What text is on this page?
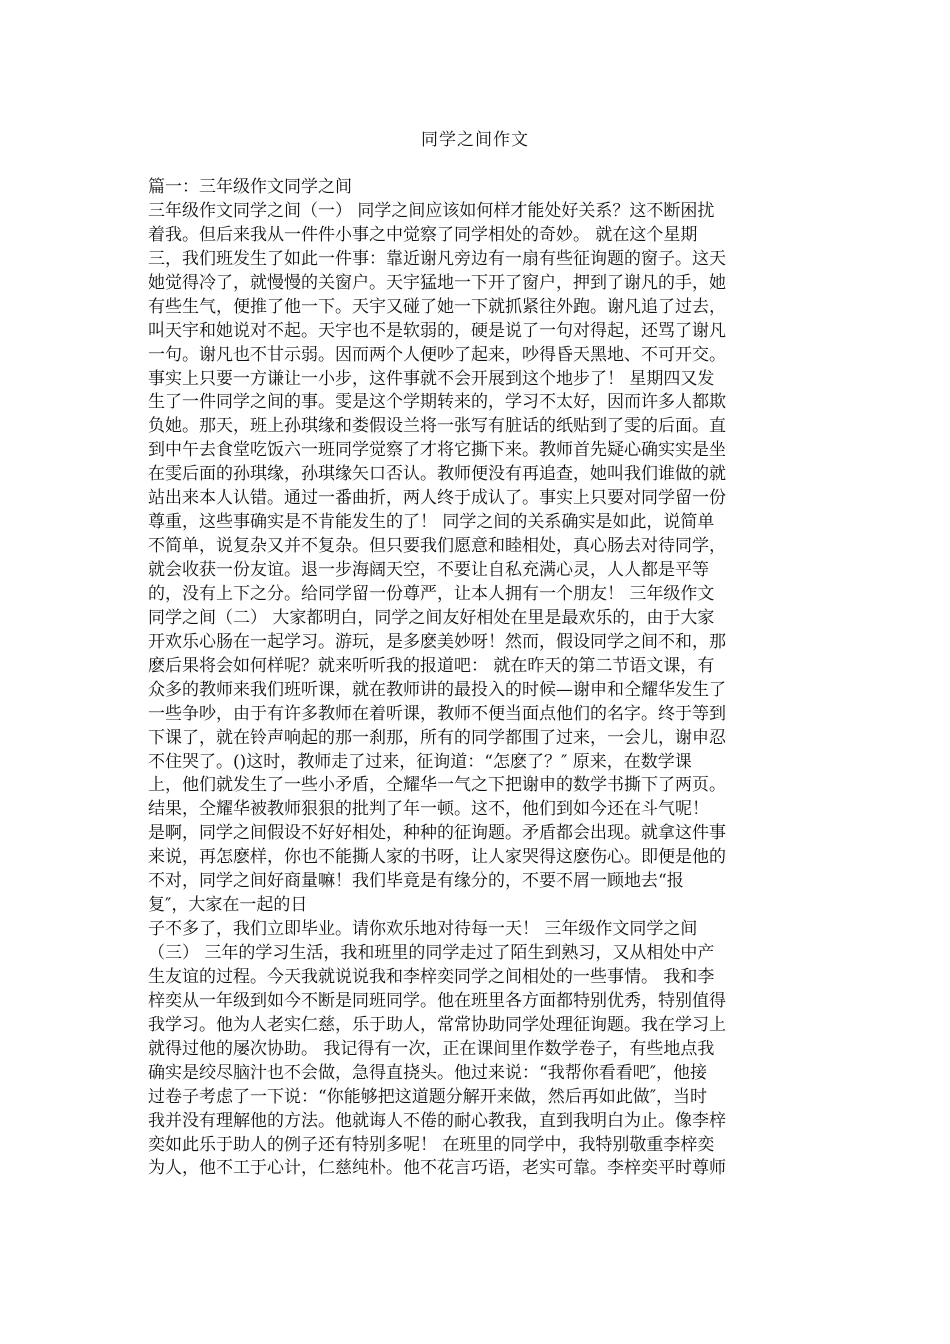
同学之间作文
篇一：三年级作文同学之间
三年级作文同学之间（一） 同学之间应该如何样才能处好关系？这不断困扰
着我。但后来我从一件件小事之中觉察了同学相处的奇妙。 就在这个星期
三，我们班发生了如此一件事：靠近谢凡旁边有一扇有些征询题的窗子。这天
她觉得冷了，就慢慢的关窗户。天宇猛地一下开了窗户，押到了谢凡的手，她
有些生气，便推了他一下。天宇又碰了她一下就抓紧往外跑。谢凡追了过去，
叫天宇和她说对不起。天宇也不是软弱的，硬是说了一句对得起，还骂了谢凡
一句。谢凡也不甘示弱。因而两个人便吵了起来，吵得昏天黑地、不可开交。
事实上只要一方谦让一小步，这件事就不会开展到这个地步了！ 星期四又发
生了一件同学之间的事。雯是这个学期转来的，学习不太好，因而许多人都欺
负她。那天，班上孙琪缘和娄假设兰将一张写有脏话的纸贴到了雯的后面。直
到中午去食堂吃饭六一班同学觉察了才将它撕下来。教师首先疑心确实实是坐
在雯后面的孙琪缘，孙琪缘矢口否认。教师便没有再追查，她叫我们谁做的就
站出来本人认错。通过一番曲折，两人终于成认了。事实上只要对同学留一份
尊重，这些事确实是不肯能发生的了！ 同学之间的关系确实是如此，说简单
不简单，说复杂又并不复杂。但只要我们愿意和睦相处，真心肠去对待同学，
就会收获一份友谊。退一步海阔天空，不要让自私充满心灵，人人都是平等
的，没有上下之分。给同学留一份尊严，让本人拥有一个朋友！ 三年级作文
同学之间（二） 大家都明白，同学之间友好相处在里是最欢乐的，由于大家
开欢乐心肠在一起学习。游玩，是多麽美妙呀！然而，假设同学之间不和，那
麽后果将会如何样呢？就来听听我的报道吧： 就在昨天的第二节语文课，有
众多的教师来我们班听课，就在教师讲的最投入的时候—谢申和仝耀华发生了
一些争吵，由于有许多教师在着听课，教师不便当面点他们的名字。终于等到
下课了，就在铃声响起的那一刹那，所有的同学都围了过来，一会儿，谢申忍
不住哭了。()这时，教师走了过来，征询道：“怎麽了？″ 原来，在数学课
上，他们就发生了一些小矛盾，仝耀华一气之下把谢申的数学书撕下了两页。
结果，仝耀华被教师狠狠的批判了年一顿。这不，他们到如今还在斗气呢！
是啊，同学之间假设不好好相处，种种的征询题。矛盾都会出现。就拿这件事
来说，再怎麽样，你也不能撕人家的书呀，让人家哭得这麽伤心。即便是他的
不对，同学之间好商量嘛！我们毕竟是有缘分的，不要不屑一顾地去“报
复″，大家在一起的日
子不多了，我们立即毕业。请你欢乐地对待每一天！ 三年级作文同学之间
（三） 三年的学习生活，我和班里的同学走过了陌生到熟习，又从相处中产
生友谊的过程。今天我就说说我和李梓奕同学之间相处的一些事情。 我和李
梓奕从一年级到如今不断是同班同学。他在班里各方面都特别优秀，特别值得
我学习。他为人老实仁慈，乐于助人，常常协助同学处理征询题。我在学习上
就得过他的屡次协助。 我记得有一次，正在课间里作数学卷子，有些地点我
确实是绞尽脑汁也不会做，急得直挠头。他过来说：“我帮你看看吧″，他接
过卷子考虑了一下说：“你能够把这道题分解开来做，然后再如此做″，当时
我并没有理解他的方法。他就诲人不倦的耐心教我，直到我明白为止。像李梓
奕如此乐于助人的例子还有特别多呢！ 在班里的同学中，我特别敬重李梓奕
为人，他不工于心计，仁慈纯朴。他不花言巧语，老实可靠。李梓奕平时尊师
